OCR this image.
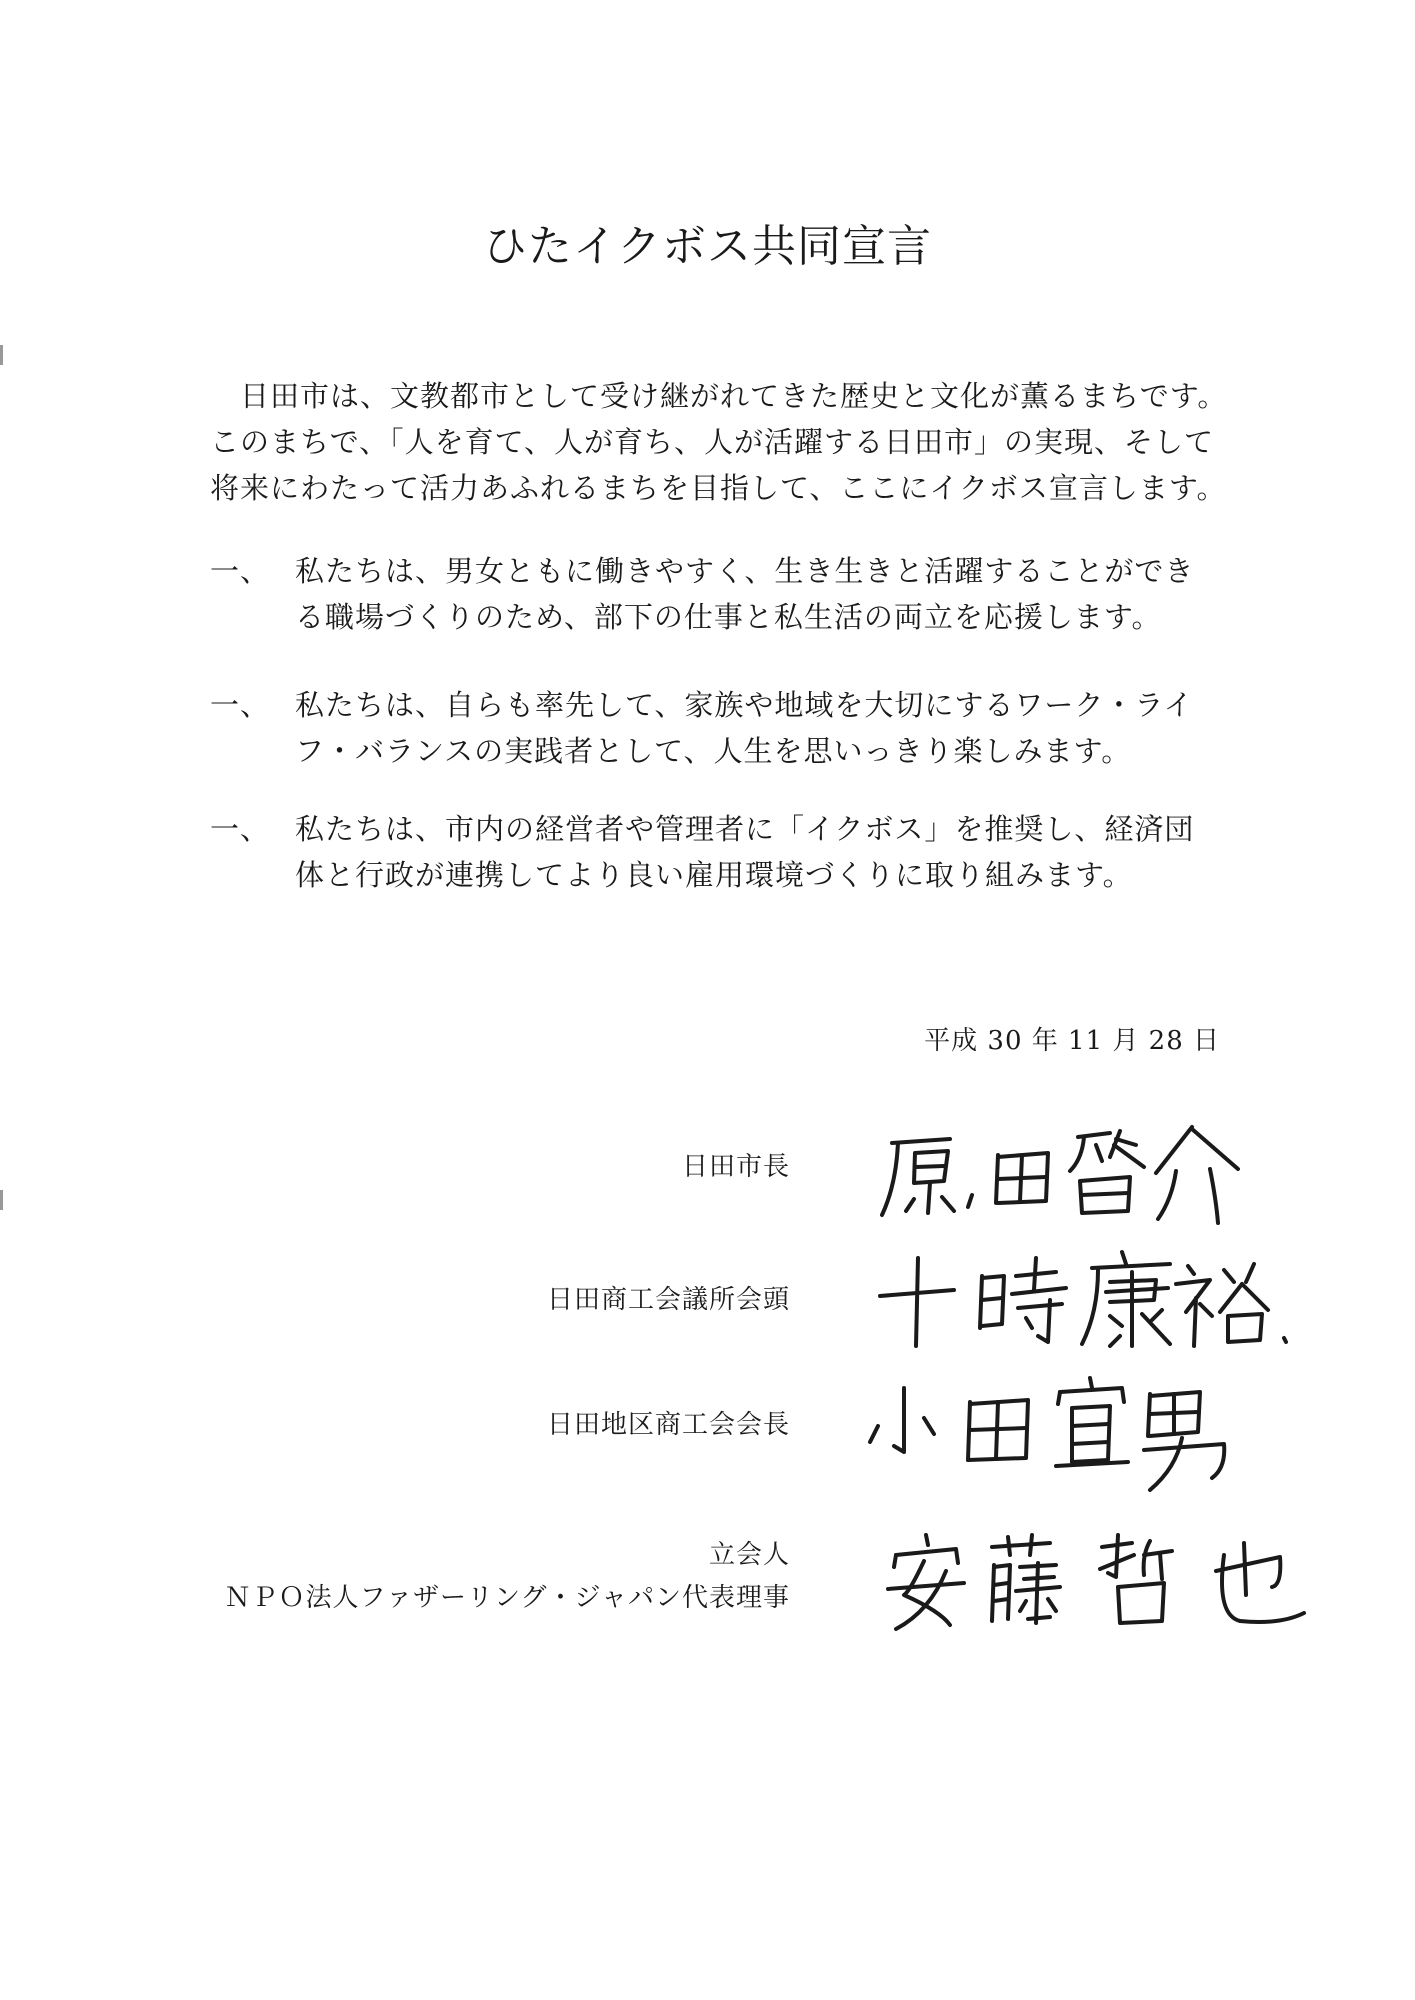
ひたイクボス共同宣言

　日田市は、文教都市として受け継がれてきた歴史と文化が薫るまちです。

このまちで、「人を育て、人が育ち、人が活躍する日田市」の実現、そして

将来にわたって活力あふれるまちを目指して、ここにイクボス宣言します。

一、 私たちは、男女ともに働きやすく、生き生きと活躍することができ

る職場づくりのため、部下の仕事と私生活の両立を応援します。

一、 私たちは、自らも率先して、家族や地域を大切にするワーク・ライ

フ・バランスの実践者として、人生を思いっきり楽しみます。

一、 私たちは、市内の経営者や管理者に「イクボス」を推奨し、経済団

体と行政が連携してより良い雇用環境づくりに取り組みます。

平成 30 年 11 月 28 日
日田市長
日田商工会議所会頭
日田地区商工会会長
立会人
ＮＰＯ法人ファザーリング・ジャパン代表理事
